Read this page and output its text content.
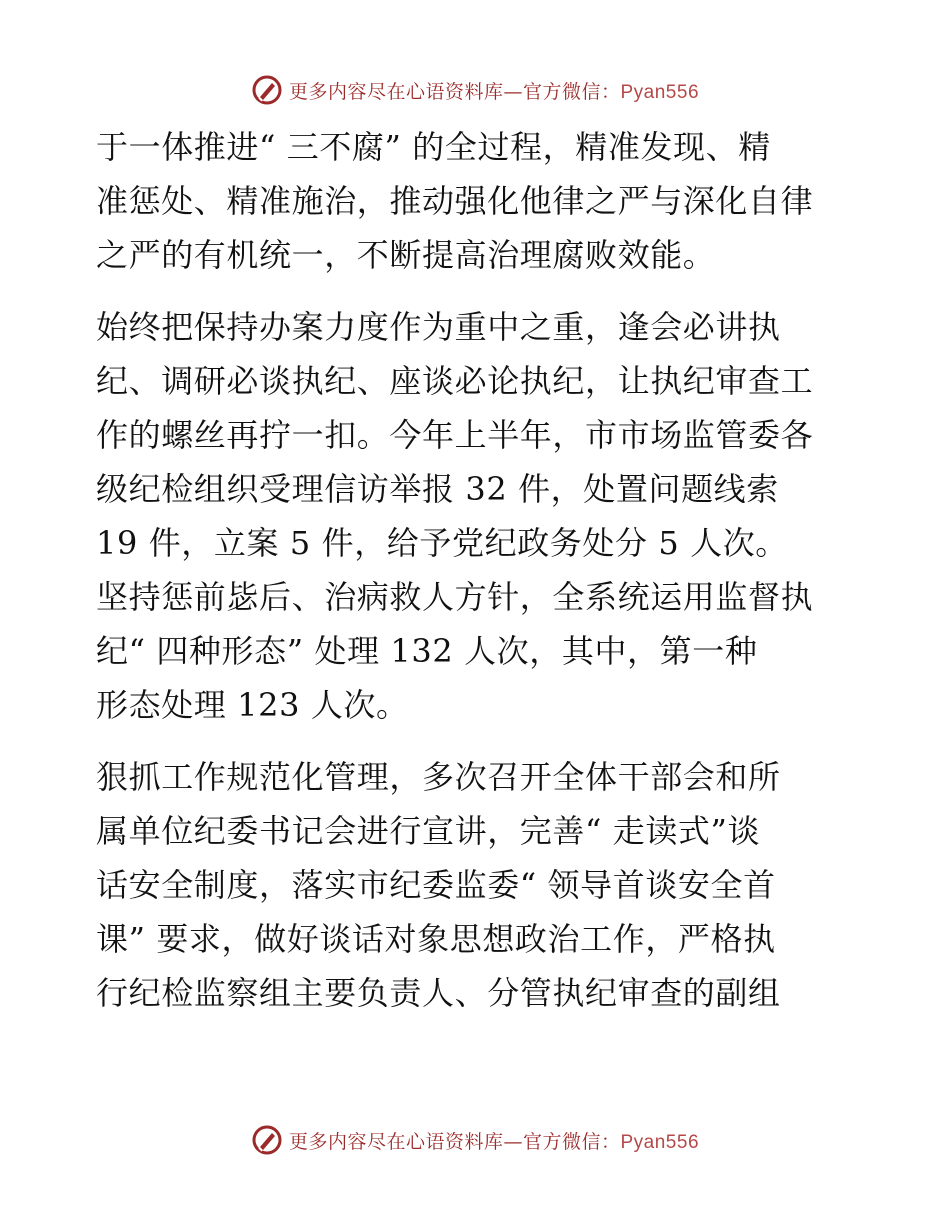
更多内容尽在心语资料库—官方微信：Pyan556
于一体推进“ 三不腐” 的全过程，精准发现、精
准惩处、精准施治，推动强化他律之严与深化自律
之严的有机统一，不断提高治理腐败效能。
始终把保持办案力度作为重中之重，逢会必讲执
纪、调研必谈执纪、座谈必论执纪，让执纪审查工
作的螺丝再拧一扣。今年上半年，市市场监管委各
级纪检组织受理信访举报 32 件，处置问题线索
19 件，立案 5 件，给予党纪政务处分 5 人次。
坚持惩前毖后、治病救人方针，全系统运用监督执
纪“ 四种形态” 处理 132 人次，其中，第一种
形态处理 123 人次。
狠抓工作规范化管理，多次召开全体干部会和所
属单位纪委书记会进行宣讲，完善“ 走读式”谈
话安全制度，落实市纪委监委“ 领导首谈安全首
课” 要求，做好谈话对象思想政治工作，严格执
行纪检监察组主要负责人、分管执纪审查的副组
更多内容尽在心语资料库—官方微信：Pyan556
